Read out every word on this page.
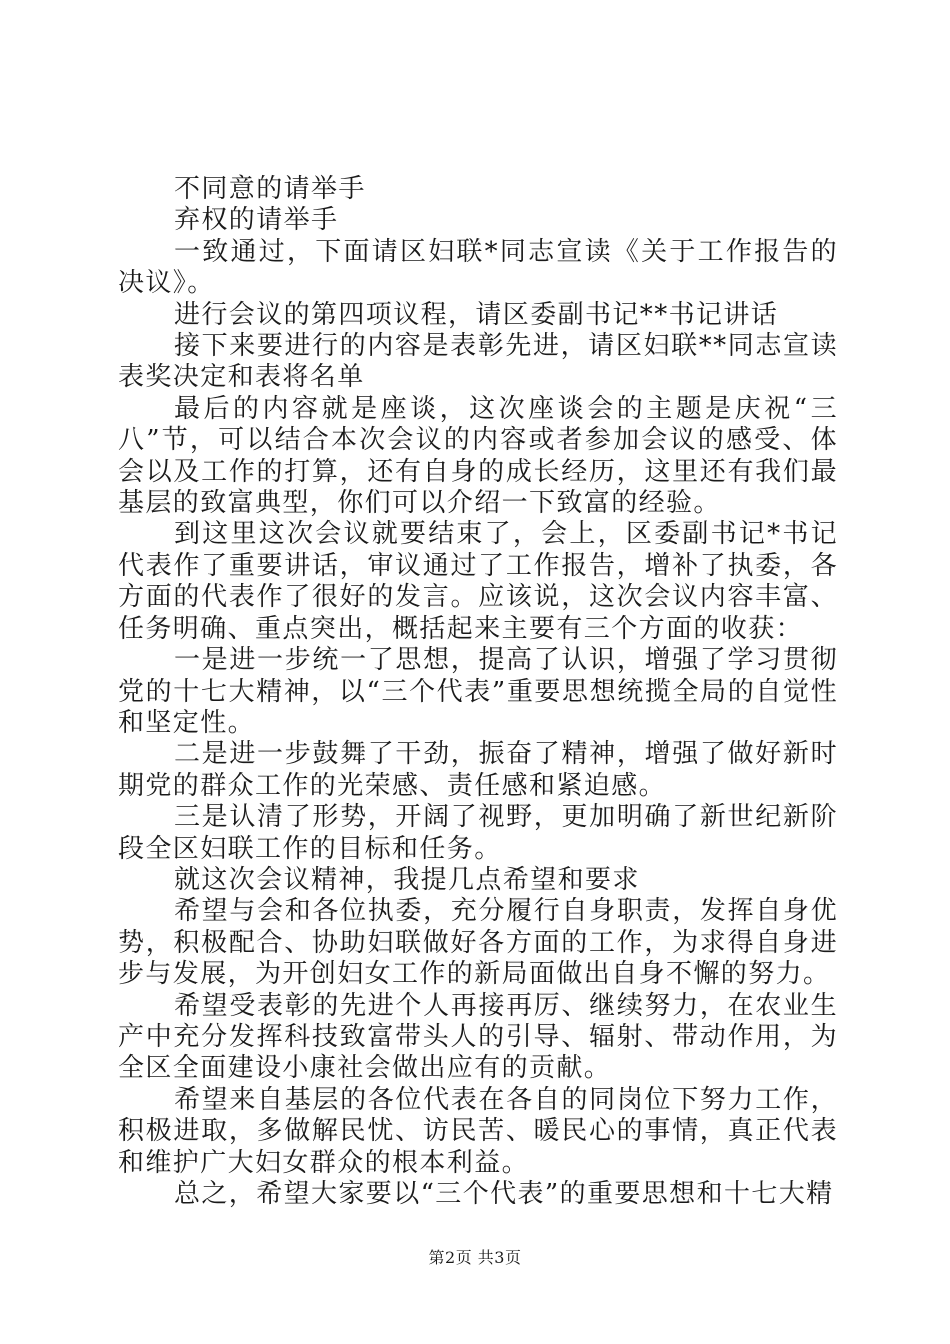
不同意的请举手

弃权的请举手

一致通过，下面请区妇联*同志宣读《关于工作报告的决议》。

进行会议的第四项议程，请区委副书记**书记讲话

接下来要进行的内容是表彰先进，请区妇联**同志宣读表奖决定和表将名单

最后的内容就是座谈，这次座谈会的主题是庆祝“三八”节，可以结合本次会议的内容或者参加会议的感受、体会以及工作的打算，还有自身的成长经历，这里还有我们最基层的致富典型，你们可以介绍一下致富的经验。

到这里这次会议就要结束了，会上，区委副书记*书记代表作了重要讲话，审议通过了工作报告，增补了执委，各方面的代表作了很好的发言。应该说，这次会议内容丰富、任务明确、重点突出，概括起来主要有三个方面的收获：

一是进一步统一了思想，提高了认识，增强了学习贯彻党的十七大精神，以“三个代表”重要思想统揽全局的自觉性和坚定性。

二是进一步鼓舞了干劲，振奋了精神，增强了做好新时期党的群众工作的光荣感、责任感和紧迫感。

三是认清了形势，开阔了视野，更加明确了新世纪新阶段全区妇联工作的目标和任务。

就这次会议精神，我提几点希望和要求

希望与会和各位执委，充分履行自身职责，发挥自身优势，积极配合、协助妇联做好各方面的工作，为求得自身进步与发展，为开创妇女工作的新局面做出自身不懈的努力。

希望受表彰的先进个人再接再厉、继续努力，在农业生产中充分发挥科技致富带头人的引导、辐射、带动作用，为全区全面建设小康社会做出应有的贡献。

希望来自基层的各位代表在各自的同岗位下努力工作，积极进取，多做解民忧、访民苦、暖民心的事情，真正代表和维护广大妇女群众的根本利益。

总之，希望大家要以“三个代表”的重要思想和十七大精

第2页 共3页
